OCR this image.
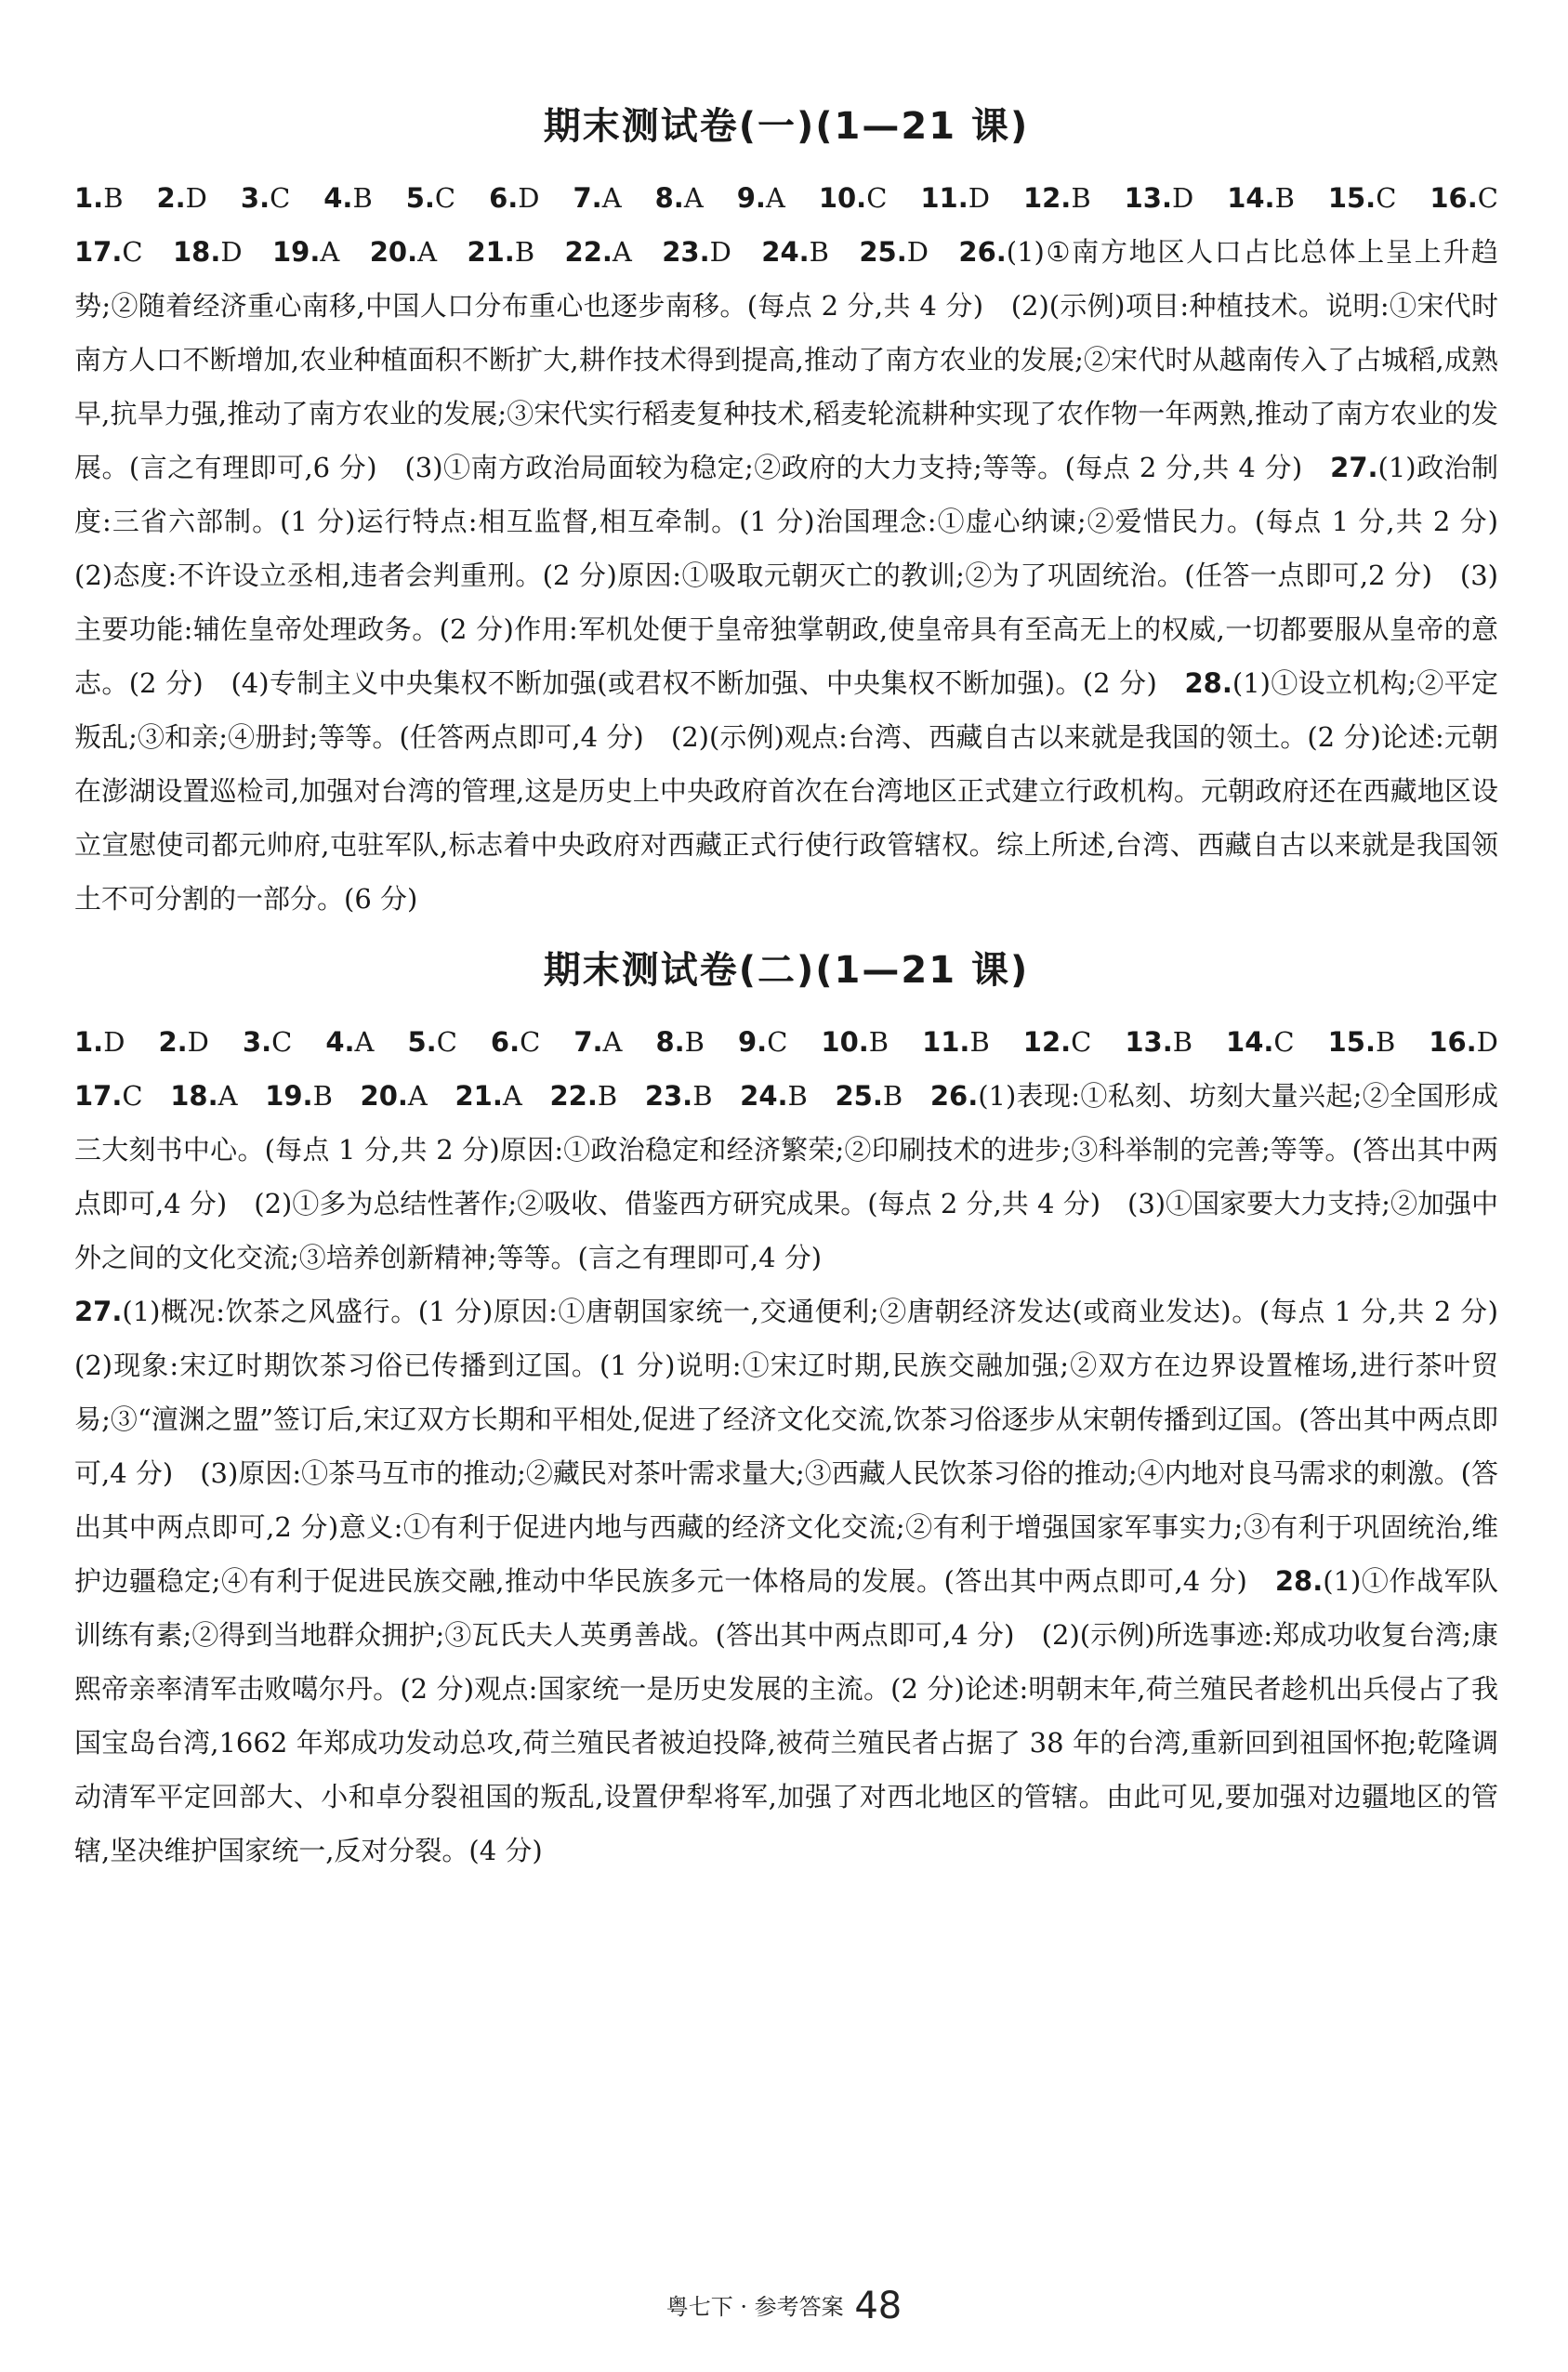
期末测试卷(一)(1—21 课)
1.B 2.D 3.C 4.B 5.C 6.D 7.A 8.A 9.A 10.C 11.D 12.B 13.D 14.B 15.C 16.C

17.C　18.D　19.A　20.A　21.B　22.A　23.D　24.B　25.D　26.(1)①南方地区人口占比总体上呈上升趋势;②随着经济重心南移,中国人口分布重心也逐步南移。(每点 2 分,共 4 分)　(2)(示例)项目:种植技术。说明:①宋代时南方人口不断增加,农业种植面积不断扩大,耕作技术得到提高,推动了南方农业的发展;②宋代时从越南传入了占城稻,成熟早,抗旱力强,推动了南方农业的发展;③宋代实行稻麦复种技术,稻麦轮流耕种实现了农作物一年两熟,推动了南方农业的发展。(言之有理即可,6 分)　(3)①南方政治局面较为稳定;②政府的大力支持;等等。(每点 2 分,共 4 分)　27.(1)政治制度:三省六部制。(1 分)运行特点:相互监督,相互牵制。(1 分)治国理念:①虚心纳谏;②爱惜民力。(每点 1 分,共 2 分)　(2)态度:不许设立丞相,违者会判重刑。(2 分)原因:①吸取元朝灭亡的教训;②为了巩固统治。(任答一点即可,2 分)　(3)主要功能:辅佐皇帝处理政务。(2 分)作用:军机处便于皇帝独掌朝政,使皇帝具有至高无上的权威,一切都要服从皇帝的意志。(2 分)　(4)专制主义中央集权不断加强(或君权不断加强、中央集权不断加强)。(2 分)　28.(1)①设立机构;②平定叛乱;③和亲;④册封;等等。(任答两点即可,4 分)　(2)(示例)观点:台湾、西藏自古以来就是我国的领土。(2 分)论述:元朝在澎湖设置巡检司,加强对台湾的管理,这是历史上中央政府首次在台湾地区正式建立行政机构。元朝政府还在西藏地区设立宣慰使司都元帅府,屯驻军队,标志着中央政府对西藏正式行使行政管辖权。综上所述,台湾、西藏自古以来就是我国领土不可分割的一部分。(6 分)

期末测试卷(二)(1—21 课)
1.D 2.D 3.C 4.A 5.C 6.C 7.A 8.B 9.C 10.B 11.B 12.C 13.B 14.C 15.B 16.D

17.C　18.A　19.B　20.A　21.A　22.B　23.B　24.B　25.B　26.(1)表现:①私刻、坊刻大量兴起;②全国形成三大刻书中心。(每点 1 分,共 2 分)原因:①政治稳定和经济繁荣;②印刷技术的进步;③科举制的完善;等等。(答出其中两点即可,4 分)　(2)①多为总结性著作;②吸收、借鉴西方研究成果。(每点 2 分,共 4 分)　(3)①国家要大力支持;②加强中外之间的文化交流;③培养创新精神;等等。(言之有理即可,4 分)

27.(1)概况:饮茶之风盛行。(1 分)原因:①唐朝国家统一,交通便利;②唐朝经济发达(或商业发达)。(每点 1 分,共 2 分)　(2)现象:宋辽时期饮茶习俗已传播到辽国。(1 分)说明:①宋辽时期,民族交融加强;②双方在边界设置榷场,进行茶叶贸易;③“澶渊之盟”签订后,宋辽双方长期和平相处,促进了经济文化交流,饮茶习俗逐步从宋朝传播到辽国。(答出其中两点即可,4 分)　(3)原因:①茶马互市的推动;②藏民对茶叶需求量大;③西藏人民饮茶习俗的推动;④内地对良马需求的刺激。(答出其中两点即可,2 分)意义:①有利于促进内地与西藏的经济文化交流;②有利于增强国家军事实力;③有利于巩固统治,维护边疆稳定;④有利于促进民族交融,推动中华民族多元一体格局的发展。(答出其中两点即可,4 分)　28.(1)①作战军队训练有素;②得到当地群众拥护;③瓦氏夫人英勇善战。(答出其中两点即可,4 分)　(2)(示例)所选事迹:郑成功收复台湾;康熙帝亲率清军击败噶尔丹。(2 分)观点:国家统一是历史发展的主流。(2 分)论述:明朝末年,荷兰殖民者趁机出兵侵占了我国宝岛台湾,1662 年郑成功发动总攻,荷兰殖民者被迫投降,被荷兰殖民者占据了 38 年的台湾,重新回到祖国怀抱;乾隆调动清军平定回部大、小和卓分裂祖国的叛乱,设置伊犁将军,加强了对西北地区的管辖。由此可见,要加强对边疆地区的管辖,坚决维护国家统一,反对分裂。(4 分)

粤七下 · 参考答案 48
